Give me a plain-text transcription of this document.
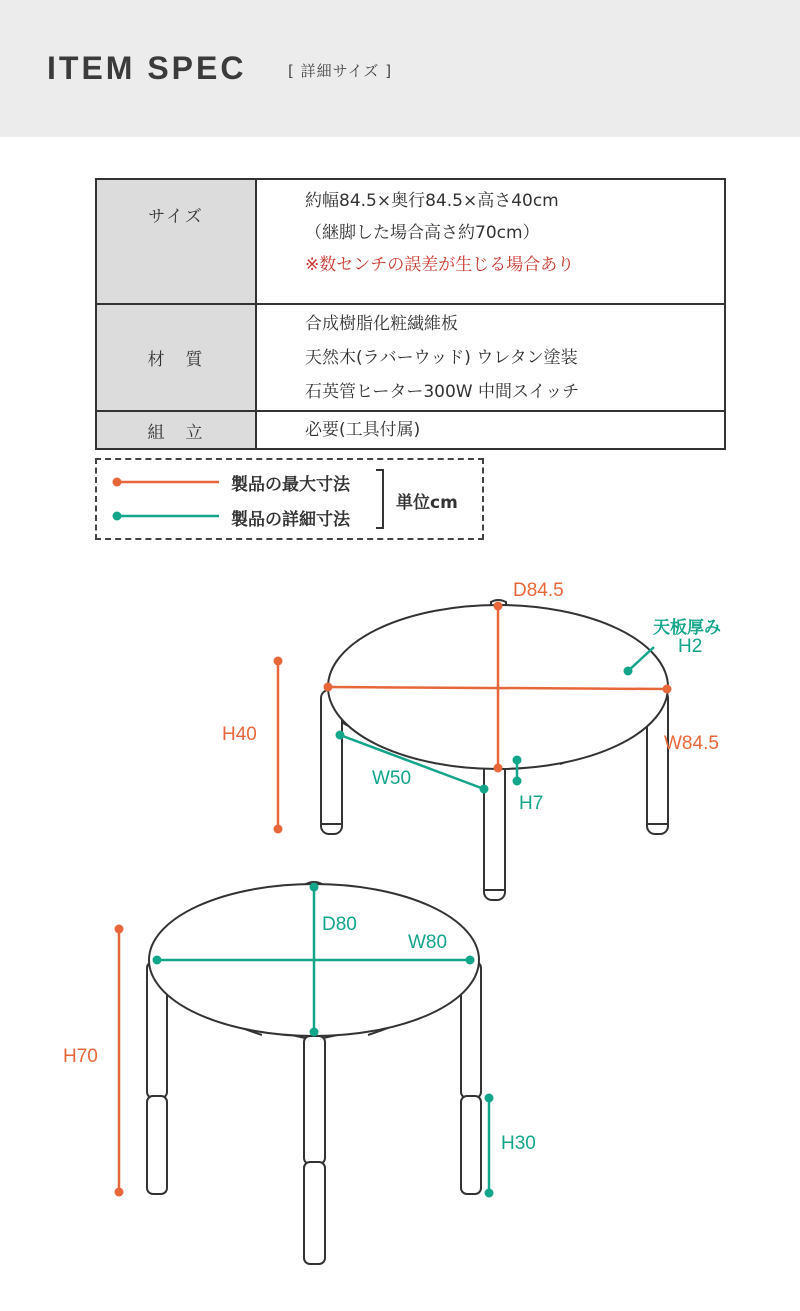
ITEM SPEC	[ 詳細サイズ ]
サイズ	約幅84.5×奥行84.5×高さ40cm
（継脚した場合高さ約70cm）
※数センチの誤差が生じる場合あり

材　質	合成樹脂化粧繊維板
天然木(ラバーウッド) ウレタン塗装
石英管ヒーター300W 中間スイッチ

組　立	必要(工具付属)
製品の最大寸法
製品の詳細寸法
単位cm
D84.5
天板厚み
H2
H40	W84.5
W50
H7
D80
W80
H70
H30
